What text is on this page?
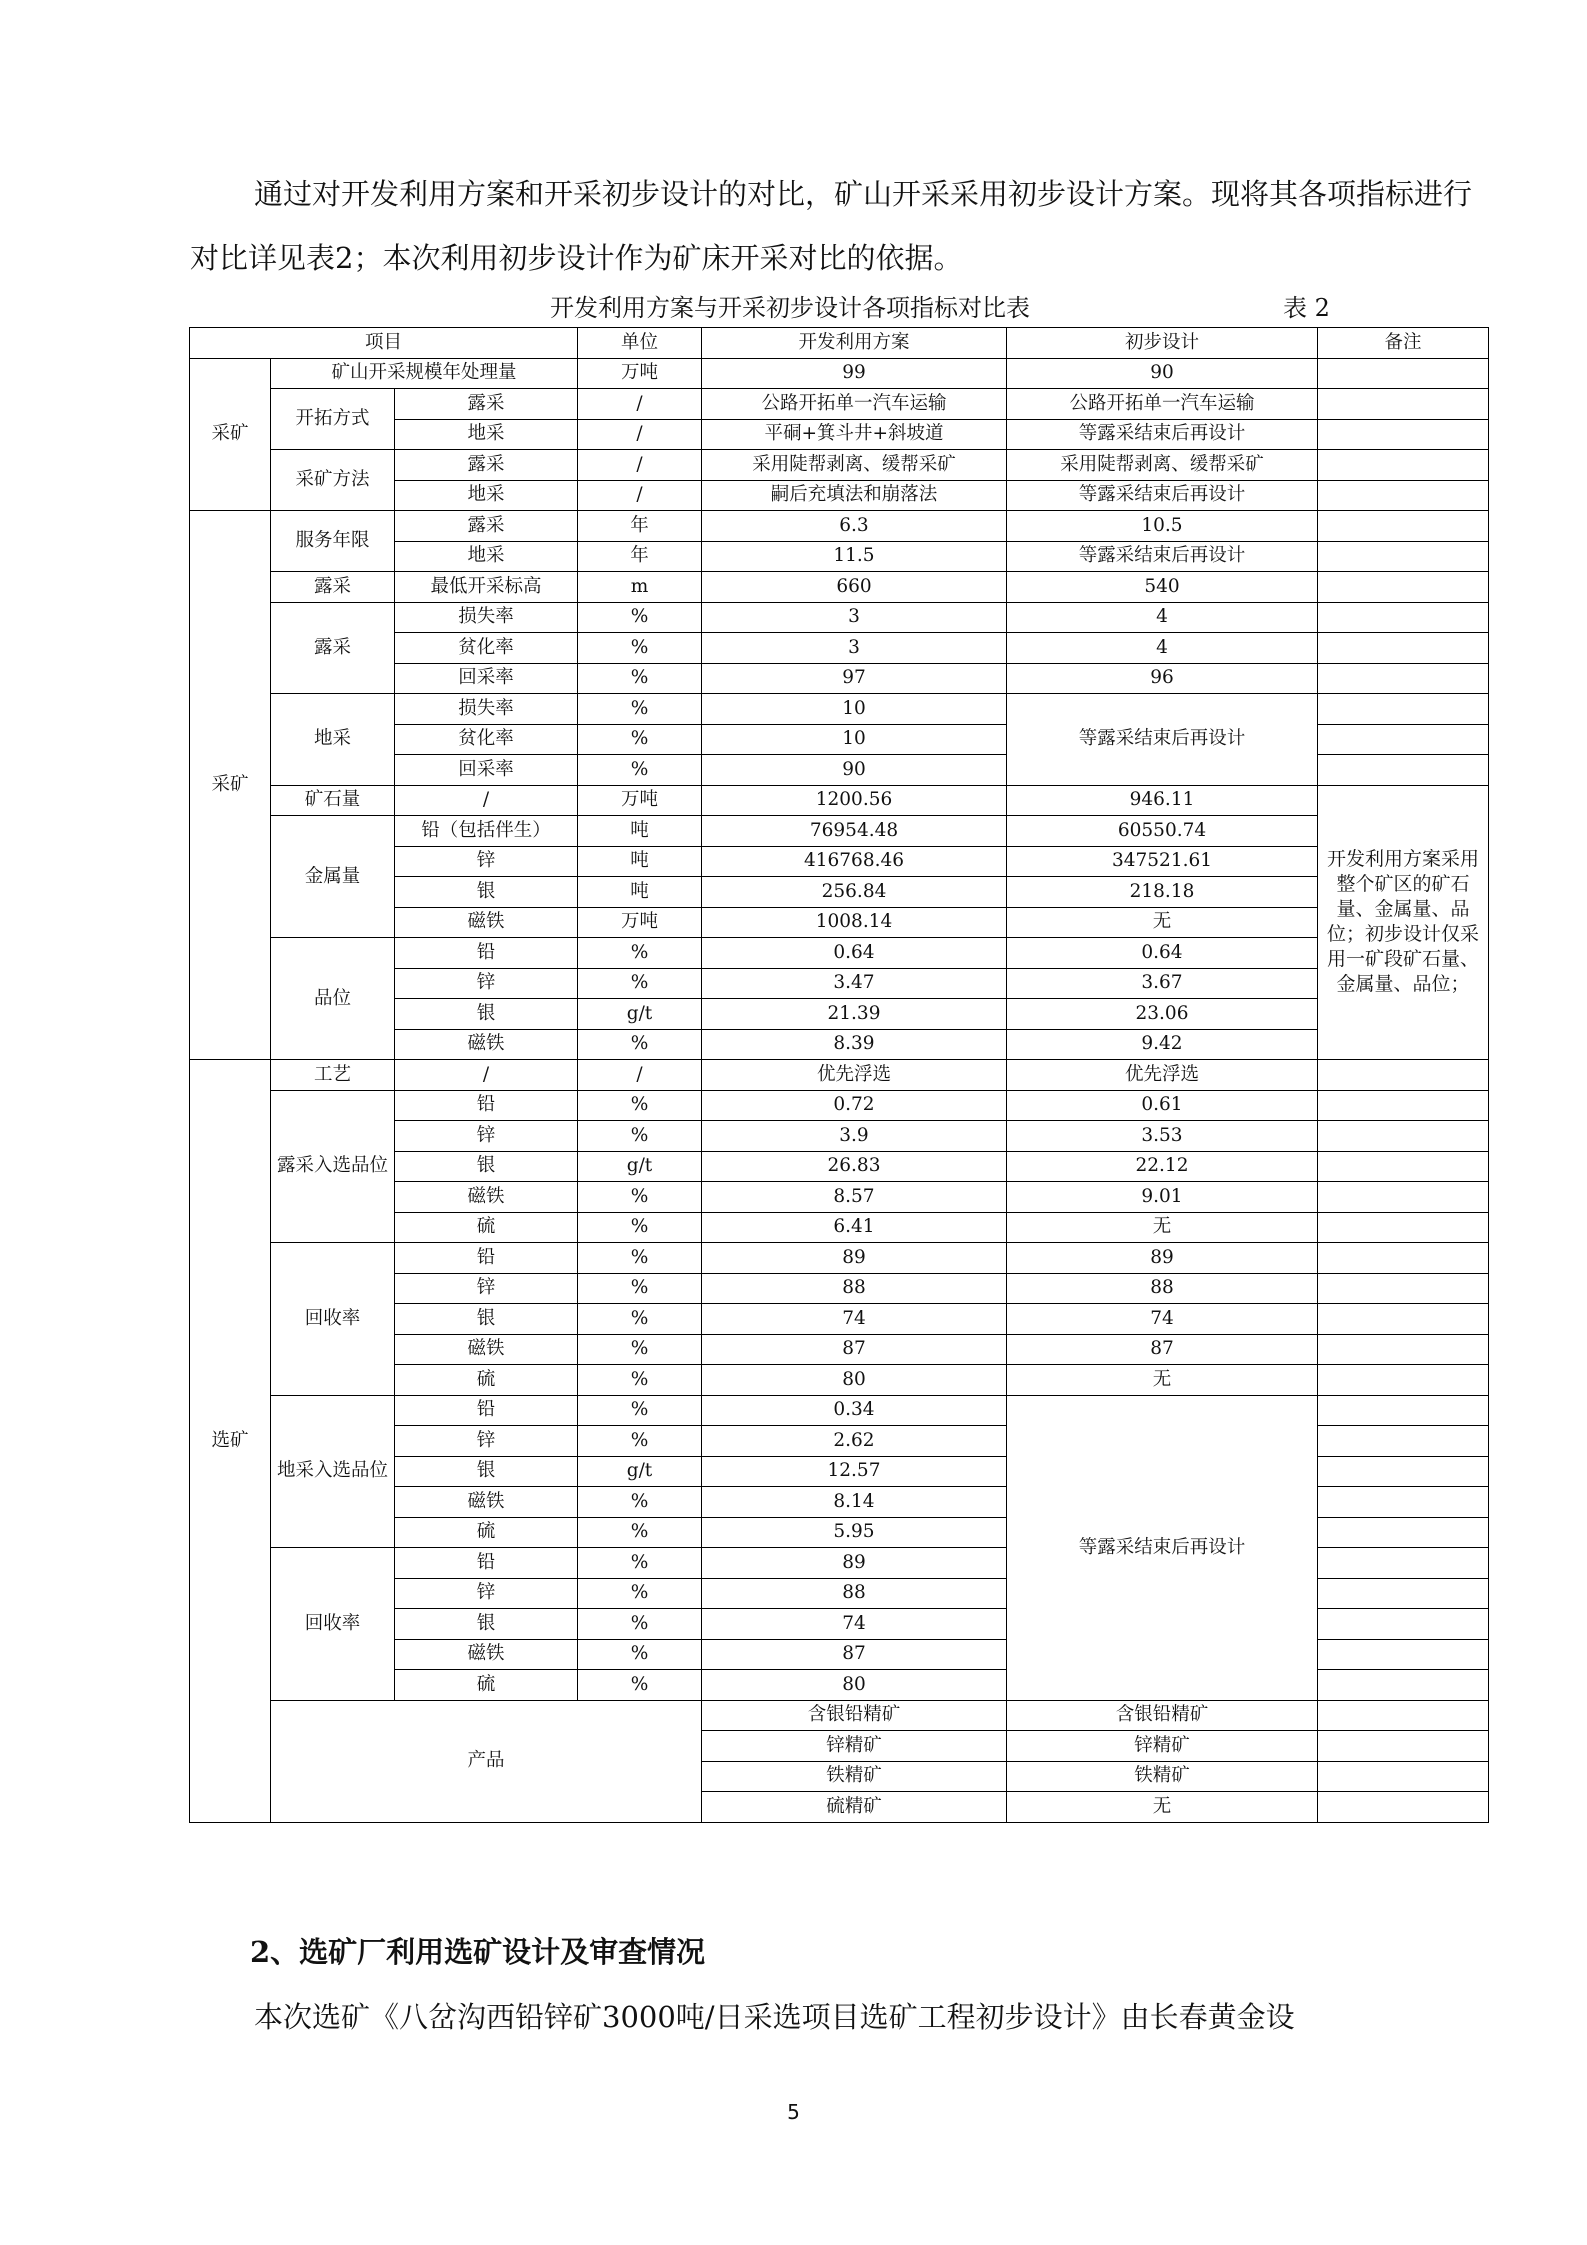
通过对开发利用方案和开采初步设计的对比，矿山开采采用初步设计方案。现将其各项指标进行对比详见表2；本次利用初步设计作为矿床开采对比的依据。
开发利用方案与开采初步设计各项指标对比表	表 2
项目			单位	开发利用方案	初步设计	备注
采矿	矿山开采规模年处理量		万吨	99	90	
	开拓方式	露采	/	公路开拓单一汽车运输	公路开拓单一汽车运输	
		地采	/	平硐+箕斗井+斜坡道	等露采结束后再设计	
	采矿方法	露采	/	采用陡帮剥离、缓帮采矿	采用陡帮剥离、缓帮采矿	
		地采	/	嗣后充填法和崩落法	等露采结束后再设计	
采矿	服务年限	露采	年	6.3	10.5	
		地采	年	11.5	等露采结束后再设计	
	露采	最低开采标高	m	660	540	
	露采	损失率	%	3	4	
		贫化率	%	3	4	
		回采率	%	97	96	
	地采	损失率	%	10	等露采结束后再设计	
		贫化率	%	10		
		回采率	%	90		
	矿石量	/	万吨	1200.56	946.11	开发利用方案采用整个矿区的矿石量、金属量、品位；初步设计仅采用一矿段矿石量、金属量、品位；
	金属量	铅（包括伴生）	吨	76954.48	60550.74	
		锌	吨	416768.46	347521.61	
		银	吨	256.84	218.18	
		磁铁	万吨	1008.14	无	
	品位	铅	%	0.64	0.64	
		锌	%	3.47	3.67	
		银	g/t	21.39	23.06	
		磁铁	%	8.39	9.42	
选矿	工艺	/	/	优先浮选	优先浮选	
	露采入选品位	铅	%	0.72	0.61	
		锌	%	3.9	3.53	
		银	g/t	26.83	22.12	
		磁铁	%	8.57	9.01	
		硫	%	6.41	无	
	回收率	铅	%	89	89	
		锌	%	88	88	
		银	%	74	74	
		磁铁	%	87	87	
		硫	%	80	无	
	地采入选品位	铅	%	0.34	等露采结束后再设计	
		锌	%	2.62		
		银	g/t	12.57		
		磁铁	%	8.14		
		硫	%	5.95		
	回收率	铅	%	89		
		锌	%	88		
		银	%	74		
		磁铁	%	87		
		硫	%	80		
	产品			含银铅精矿	含银铅精矿	
				锌精矿	锌精矿	
				铁精矿	铁精矿	
				硫精矿	无	
2、选矿厂利用选矿设计及审查情况
本次选矿《八岔沟西铅锌矿3000吨/日采选项目选矿工程初步设计》由长春黄金设
5
